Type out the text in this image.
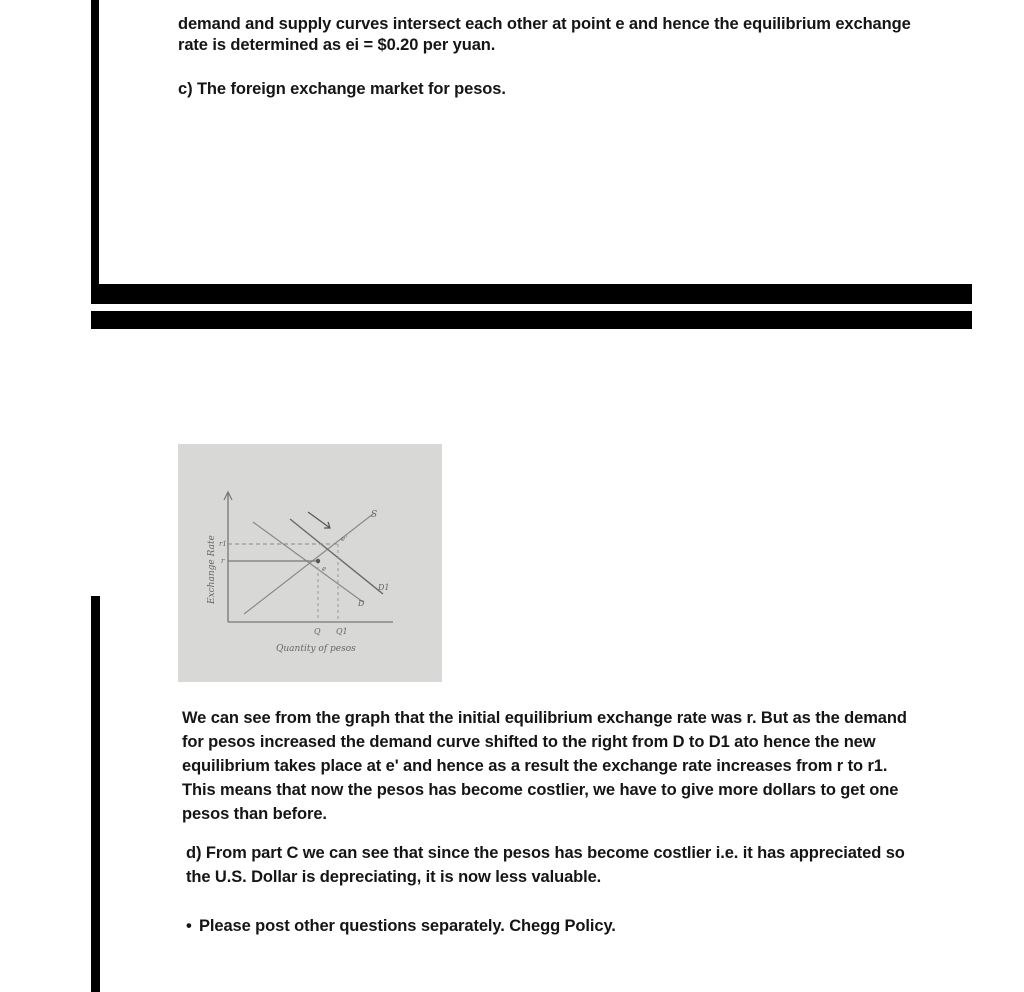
demand and supply curves intersect each other at point e and hence the equilibrium exchange
rate is determined as ei = $0.20 per yuan.
c) The foreign exchange market for pesos.
Exchange Rate
S
D
D1
r1
r
e'
e
Q Q1
Quantity of pesos
We can see from the graph that the initial equilibrium exchange rate was r. But as the demand
for pesos increased the demand curve shifted to the right from D to D1 ato hence the new
equilibrium takes place at e' and hence as a result the exchange rate increases from r to r1.
This means that now the pesos has become costlier, we have to give more dollars to get one
pesos than before.
d) From part C we can see that since the pesos has become costlier i.e. it has appreciated so
the U.S. Dollar is depreciating, it is now less valuable.
• Please post other questions separately. Chegg Policy.
